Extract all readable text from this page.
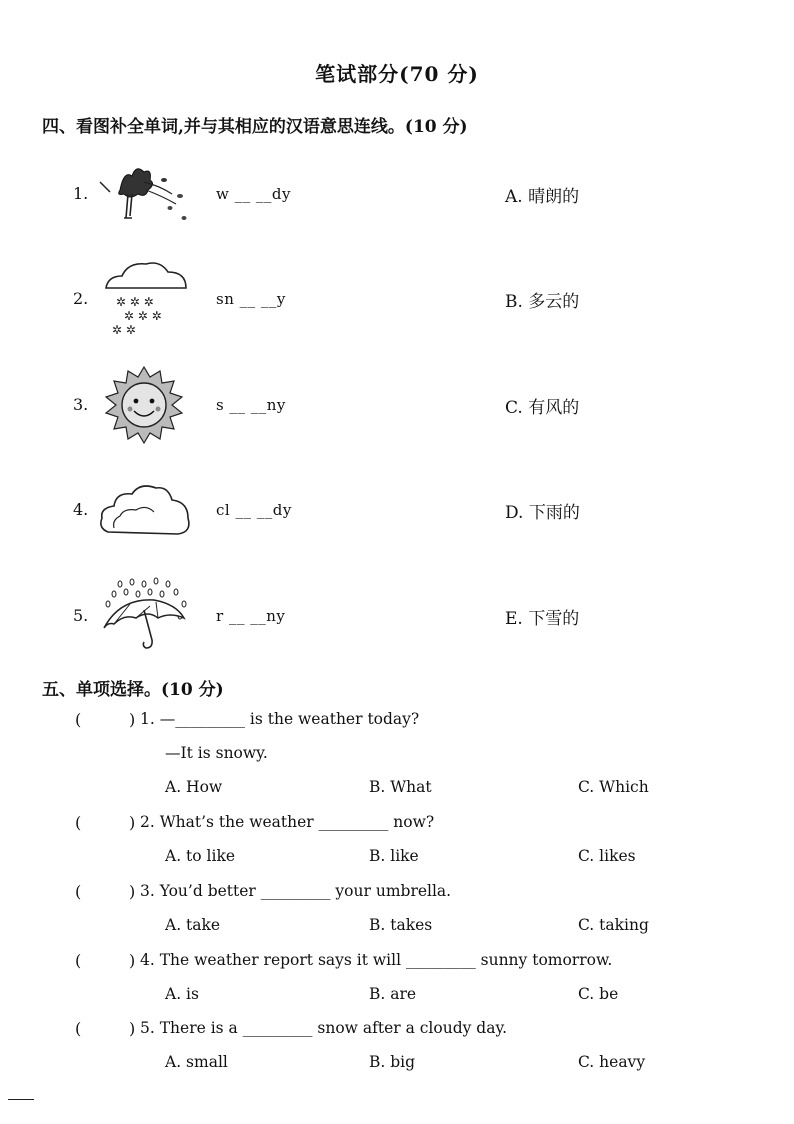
笔试部分(70 分)
四、看图补全单词,并与其相应的汉语意思连线。(10 分)
1.	w __ __dy	A. 晴朗的
2. ✲ ✲ ✲
✲ ✲ ✲
✲ ✲
sn __ __y	B. 多云的
3.	s __ __ny	C. 有风的
4.	cl __ __dy	D. 下雨的
5.	r __ __ny	E. 下雪的
五、单项选择。(10 分)
(	) 1. —_________ is the weather today?
—It is snowy.
A. How	B. What	C. Which
(	) 2. What’s the weather _________ now?
A. to like	B. like	C. likes
(	) 3. You’d better _________ your umbrella.
A. take	B. takes	C. taking
(	) 4. The weather report says it will _________ sunny tomorrow.
A. is	B. are	C. be
(	) 5. There is a _________ snow after a cloudy day.
A. small	B. big	C. heavy
